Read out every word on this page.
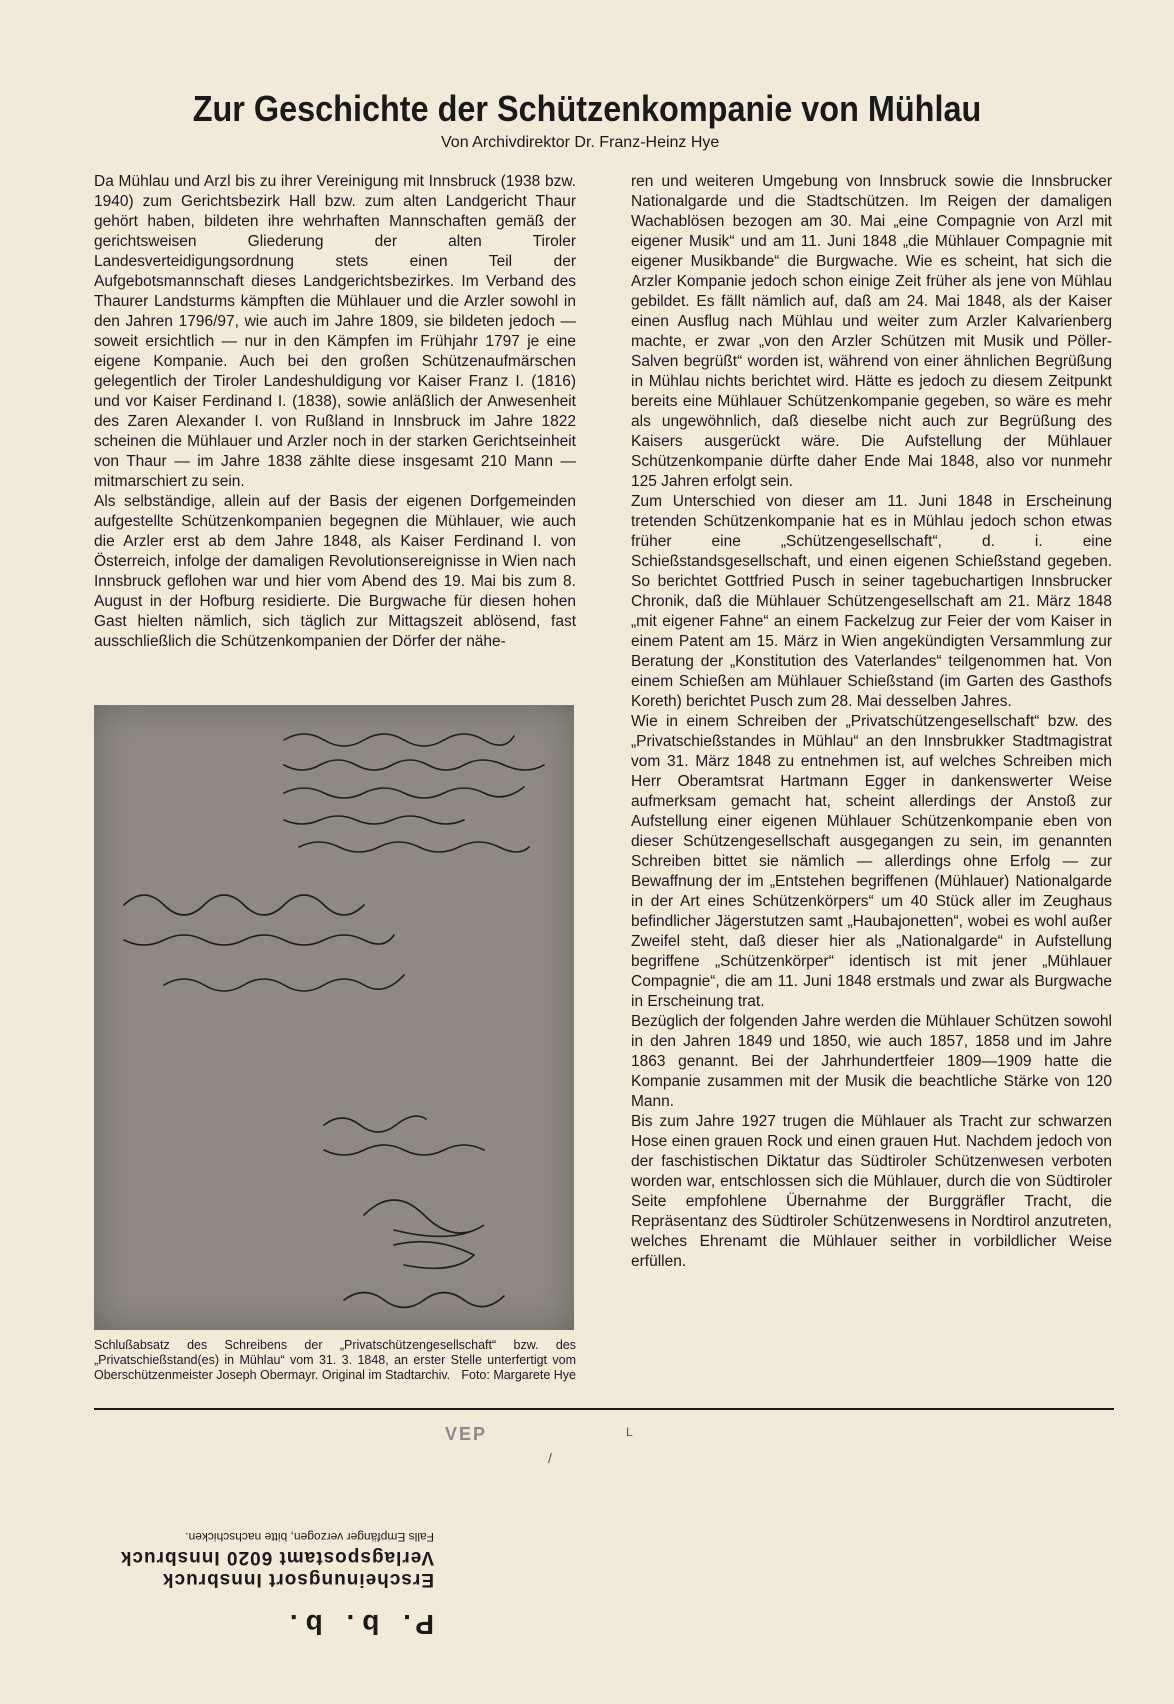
Zur Geschichte der Schützenkompanie von Mühlau
Von Archivdirektor Dr. Franz-Heinz Hye

Da Mühlau und Arzl bis zu ihrer Vereinigung mit Innsbruck (1938 bzw. 1940) zum Gerichtsbezirk Hall bzw. zum alten Landgericht Thaur gehört haben, bildeten ihre wehrhaften Mannschaften gemäß der gerichtsweisen Gliederung der alten Tiroler Landesverteidigungsordnung stets einen Teil der Aufgebotsmannschaft dieses Landgerichtsbezirkes. Im Verband des Thaurer Landsturms kämpften die Mühlauer und die Arzler sowohl in den Jahren 1796/97, wie auch im Jahre 1809, sie bildeten jedoch — soweit ersichtlich — nur in den Kämpfen im Frühjahr 1797 je eine eigene Kompanie. Auch bei den großen Schützenaufmärschen gelegentlich der Tiroler Landeshuldigung vor Kaiser Franz I. (1816) und vor Kaiser Ferdinand I. (1838), sowie anläßlich der Anwesenheit des Zaren Alexander I. von Rußland in Innsbruck im Jahre 1822 scheinen die Mühlauer und Arzler noch in der starken Gerichtseinheit von Thaur — im Jahre 1838 zählte diese insgesamt 210 Mann — mitmarschiert zu sein.

Als selbständige, allein auf der Basis der eigenen Dorfgemeinden aufgestellte Schützenkompanien begegnen die Mühlauer, wie auch die Arzler erst ab dem Jahre 1848, als Kaiser Ferdinand I. von Österreich, infolge der damaligen Revolutionsereignisse in Wien nach Innsbruck geflohen war und hier vom Abend des 19. Mai bis zum 8. August in der Hofburg residierte. Die Burgwache für diesen hohen Gast hielten nämlich, sich täglich zur Mittagszeit ablösend, fast ausschließlich die Schützenkompanien der Dörfer der nähe-

Schlußabsatz des Schreibens der „Privatschützengesellschaft“ bzw. des „Privatschießstand(es) in Mühlau“ vom 31. 3. 1848, an erster Stelle unterfertigt vom Oberschützenmeister Joseph Obermayr. Original im Stadtarchiv. Foto: Margarete Hye

ren und weiteren Umgebung von Innsbruck sowie die Innsbrucker Nationalgarde und die Stadtschützen. Im Reigen der damaligen Wachablösen bezogen am 30. Mai „eine Compagnie von Arzl mit eigener Musik“ und am 11. Juni 1848 „die Mühlauer Compagnie mit eigener Musikbande“ die Burgwache. Wie es scheint, hat sich die Arzler Kompanie jedoch schon einige Zeit früher als jene von Mühlau gebildet. Es fällt nämlich auf, daß am 24. Mai 1848, als der Kaiser einen Ausflug nach Mühlau und weiter zum Arzler Kalvarienberg machte, er zwar „von den Arzler Schützen mit Musik und Pöller-Salven begrüßt“ worden ist, während von einer ähnlichen Begrüßung in Mühlau nichts berichtet wird. Hätte es jedoch zu diesem Zeitpunkt bereits eine Mühlauer Schützenkompanie gegeben, so wäre es mehr als ungewöhnlich, daß dieselbe nicht auch zur Begrüßung des Kaisers ausgerückt wäre. Die Aufstellung der Mühlauer Schützenkompanie dürfte daher Ende Mai 1848, also vor nunmehr 125 Jahren erfolgt sein.

Zum Unterschied von dieser am 11. Juni 1848 in Erscheinung tretenden Schützenkompanie hat es in Mühlau jedoch schon etwas früher eine „Schützengesellschaft“, d. i. eine Schießstandsgesellschaft, und einen eigenen Schießstand gegeben. So berichtet Gottfried Pusch in seiner tagebuchartigen Innsbrucker Chronik, daß die Mühlauer Schützengesellschaft am 21. März 1848 „mit eigener Fahne“ an einem Fackelzug zur Feier der vom Kaiser in einem Patent am 15. März in Wien angekündigten Versammlung zur Beratung der „Konstitution des Vaterlandes“ teilgenommen hat. Von einem Schießen am Mühlauer Schießstand (im Garten des Gasthofs Koreth) berichtet Pusch zum 28. Mai desselben Jahres.

Wie in einem Schreiben der „Privatschützengesellschaft“ bzw. des „Privatschießstandes in Mühlau“ an den Innsbrukker Stadtmagistrat vom 31. März 1848 zu entnehmen ist, auf welches Schreiben mich Herr Oberamtsrat Hartmann Egger in dankenswerter Weise aufmerksam gemacht hat, scheint allerdings der Anstoß zur Aufstellung einer eigenen Mühlauer Schützenkompanie eben von dieser Schützengesellschaft ausgegangen zu sein, im genannten Schreiben bittet sie nämlich — allerdings ohne Erfolg — zur Bewaffnung der im „Entstehen begriffenen (Mühlauer) Nationalgarde in der Art eines Schützenkörpers“ um 40 Stück aller im Zeughaus befindlicher Jägerstutzen samt „Haubajonetten“, wobei es wohl außer Zweifel steht, daß dieser hier als „Nationalgarde“ in Aufstellung begriffene „Schützenkörper“ identisch ist mit jener „Mühlauer Compagnie“, die am 11. Juni 1848 erstmals und zwar als Burgwache in Erscheinung trat.

Bezüglich der folgenden Jahre werden die Mühlauer Schützen sowohl in den Jahren 1849 und 1850, wie auch 1857, 1858 und im Jahre 1863 genannt. Bei der Jahrhundertfeier 1809—1909 hatte die Kompanie zusammen mit der Musik die beachtliche Stärke von 120 Mann.

Bis zum Jahre 1927 trugen die Mühlauer als Tracht zur schwarzen Hose einen grauen Rock und einen grauen Hut. Nachdem jedoch von der faschistischen Diktatur das Südtiroler Schützenwesen verboten worden war, entschlossen sich die Mühlauer, durch die von Südtiroler Seite empfohlene Übernahme der Burggräfler Tracht, die Repräsentanz des Südtiroler Schützenwesens in Nordtirol anzutreten, welches Ehrenamt die Mühlauer seither in vorbildlicher Weise erfüllen.

VEP
/
L
P. b. b.
Erscheinungsort Innsbruck
Verlagspostamt 6020 Innsbruck
Falls Empfänger verzogen, bitte nachschicken.
